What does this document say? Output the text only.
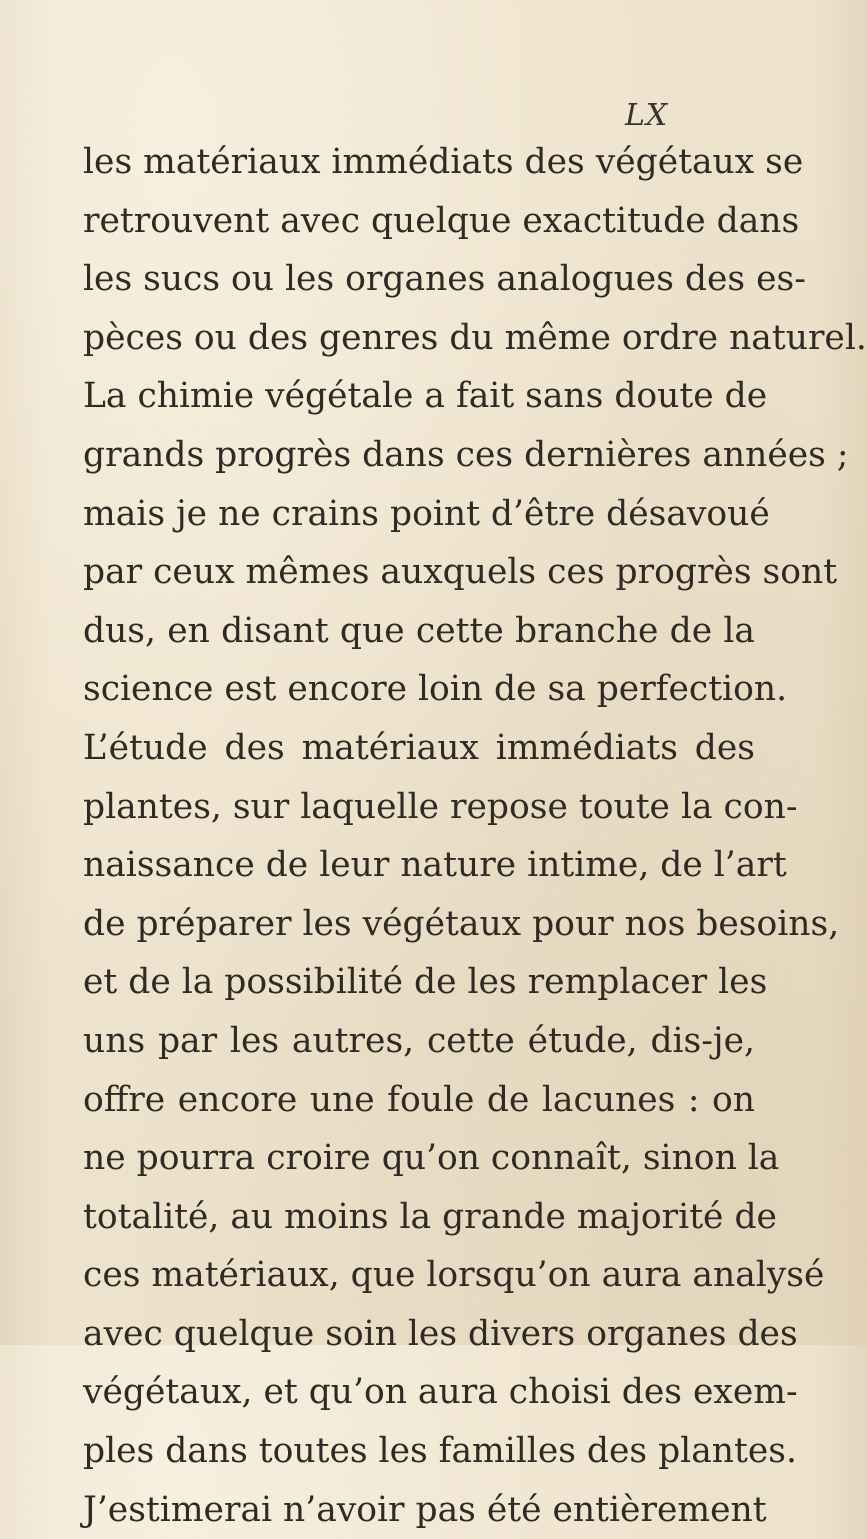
LX
les matériaux immédiats des végétaux se
retrouvent avec quelque exactitude dans
les sucs ou les organes analogues des es-
pèces ou des genres du même ordre naturel.
La chimie végétale a fait sans doute de
grands progrès dans ces dernières années ;
mais je ne crains point d’être désavoué
par ceux mêmes auxquels ces progrès sont
dus, en disant que cette branche de la
science est encore loin de sa perfection.
L’étude des matériaux immédiats des
plantes, sur laquelle repose toute la con-
naissance de leur nature intime, de l’art
de préparer les végétaux pour nos besoins,
et de la possibilité de les remplacer les
uns par les autres, cette étude, dis-je,
offre encore une foule de lacunes : on
ne pourra croire qu’on connaît, sinon la
totalité, au moins la grande majorité de
ces matériaux, que lorsqu’on aura analysé
avec quelque soin les divers organes des
végétaux, et qu’on aura choisi des exem-
ples dans toutes les familles des plantes.
J’estimerai n’avoir pas été entièrement
